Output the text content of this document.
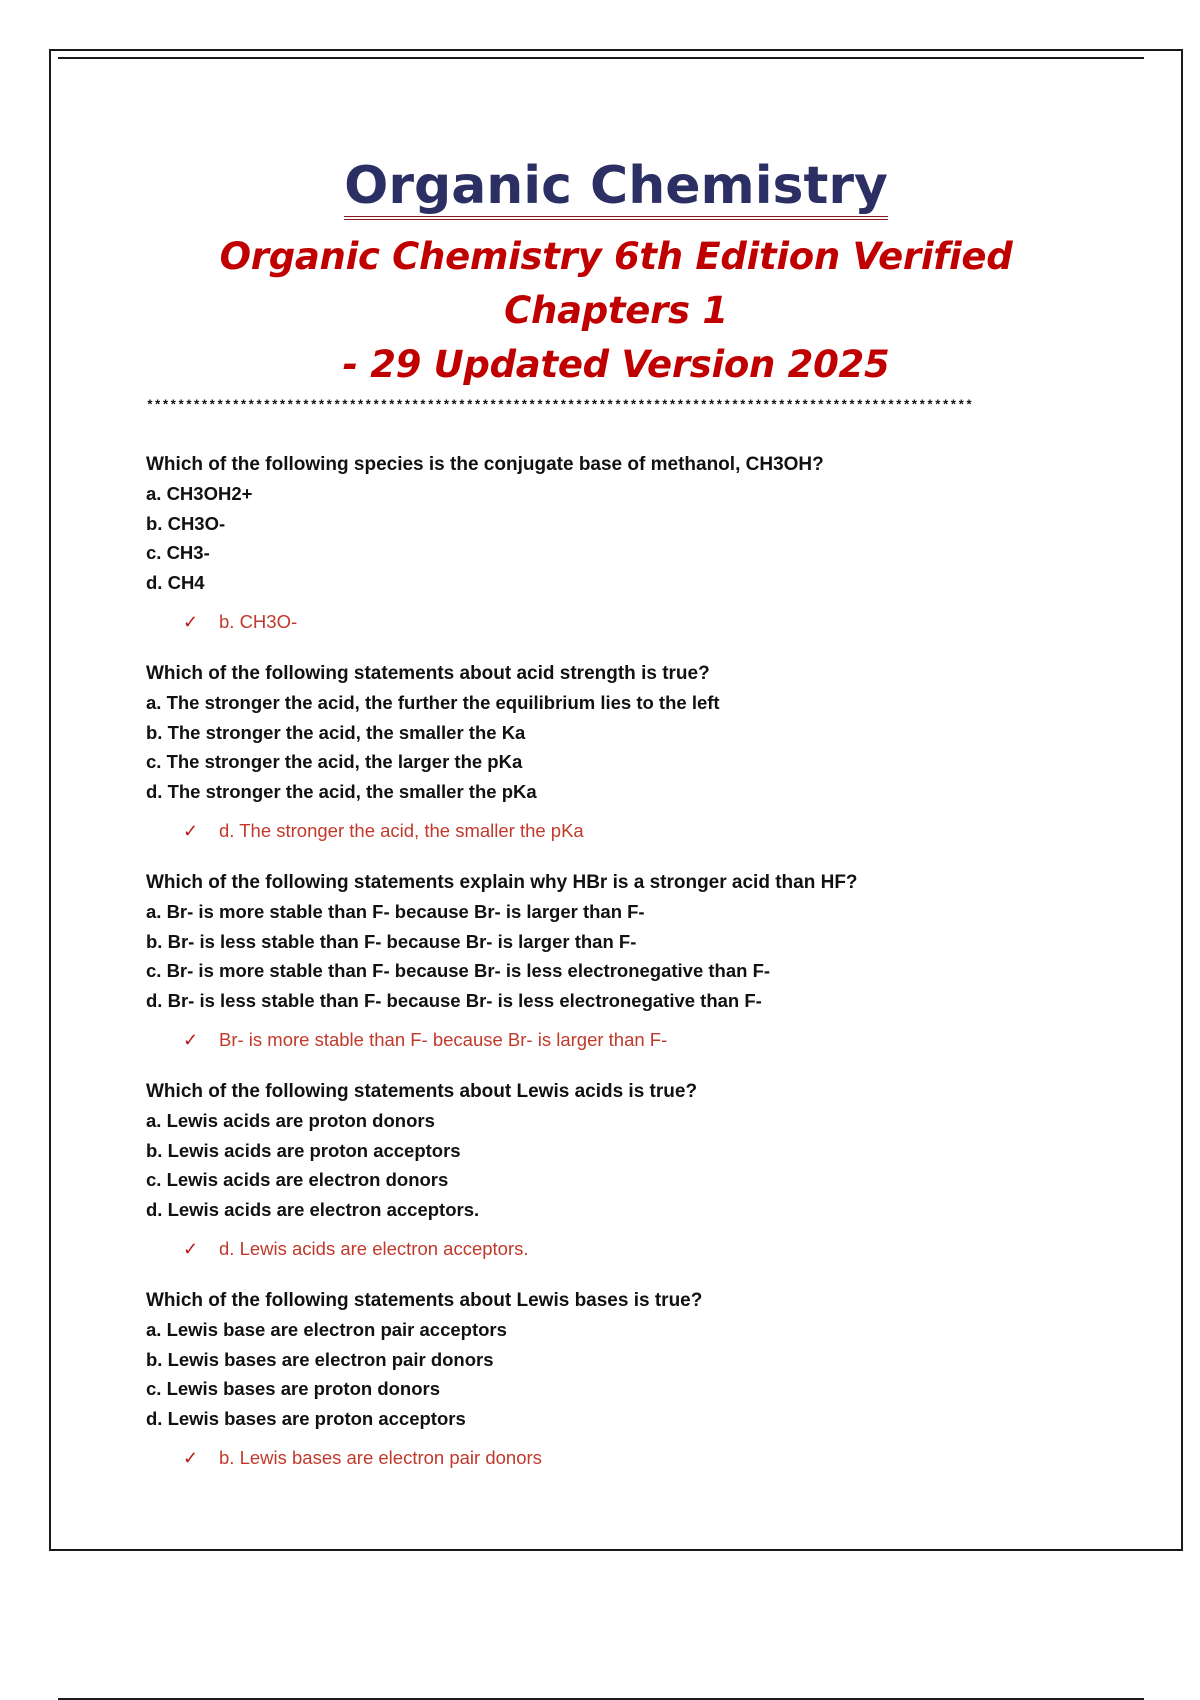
Organic Chemistry
Organic Chemistry 6th Edition Verified Chapters 1
- 29 Updated Version 2025
**********************************************************************************************************
Which of the following species is the conjugate base of methanol, CH3OH?
a. CH3OH2+
b. CH3O-
c. CH3-
d. CH4
✓	b. CH3O-
Which of the following statements about acid strength is true?
a. The stronger the acid, the further the equilibrium lies to the left
b. The stronger the acid, the smaller the Ka
c. The stronger the acid, the larger the pKa
d. The stronger the acid, the smaller the pKa
✓	d. The stronger the acid, the smaller the pKa
Which of the following statements explain why HBr is a stronger acid than HF?
a. Br- is more stable than F- because Br- is larger than F-
b. Br- is less stable than F- because Br- is larger than F-
c. Br- is more stable than F- because Br- is less electronegative than F-
d. Br- is less stable than F- because Br- is less electronegative than F-
✓	Br- is more stable than F- because Br- is larger than F-
Which of the following statements about Lewis acids is true?
a. Lewis acids are proton donors
b. Lewis acids are proton acceptors
c. Lewis acids are electron donors
d. Lewis acids are electron acceptors.
✓	d. Lewis acids are electron acceptors.
Which of the following statements about Lewis bases is true?
a. Lewis base are electron pair acceptors
b. Lewis bases are electron pair donors
c. Lewis bases are proton donors
d. Lewis bases are proton acceptors
✓	b. Lewis bases are electron pair donors
